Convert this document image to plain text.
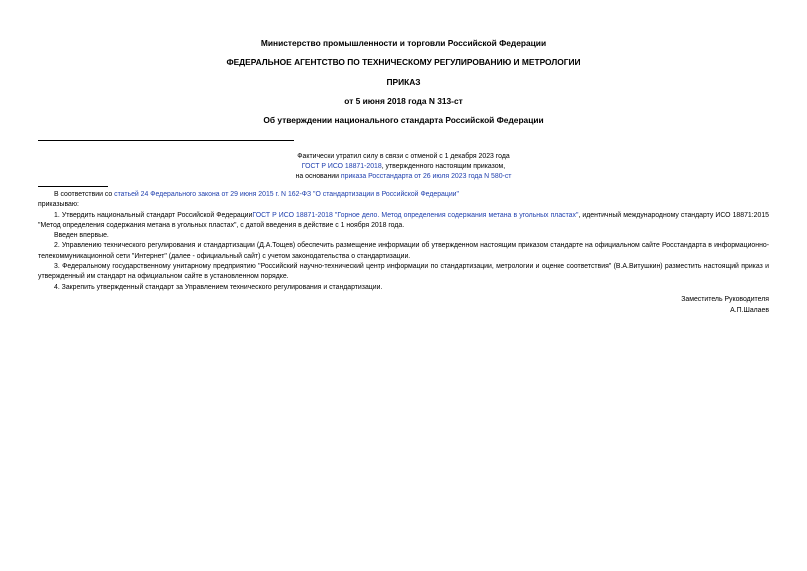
Министерство промышленности и торговли Российской Федерации
ФЕДЕРАЛЬНОЕ АГЕНТСТВО ПО ТЕХНИЧЕСКОМУ РЕГУЛИРОВАНИЮ И МЕТРОЛОГИИ
ПРИКАЗ
от 5 июня 2018 года N 313-ст
Об утверждении национального стандарта Российской Федерации
Фактически утратил силу в связи с отменой с 1 декабря 2023 года
ГОСТ Р ИСО 18871-2018, утвержденного настоящим приказом,
на основании приказа Росстандарта от 26 июля 2023 года N 580-ст

В соответствии со статьей 24 Федерального закона от 29 июня 2015 г. N 162-ФЗ "О стандартизации в Российской Федерации"

приказываю:

1. Утвердить национальный стандарт Российской ФедерацииГОСТ Р ИСО 18871-2018 "Горное дело. Метод определения содержания метана в угольных пластах", идентичный международному стандарту ИСО 18871:2015 "Метод определения содержания метана в угольных пластах", с датой введения в действие с 1 ноября 2018 года.

Введен впервые.

2. Управлению технического регулирования и стандартизации (Д.А.Тощев) обеспечить размещение информации об утвержденном настоящим приказом стандарте на официальном сайте Росстандарта в информационно-телекоммуникационной сети "Интернет" (далее - официальный сайт) с учетом законодательства о стандартизации.

3. Федеральному государственному унитарному предприятию "Российский научно-технический центр информации по стандартизации, метрологии и оценке соответствия" (В.А.Витушкин) разместить настоящий приказ и утвержденный им стандарт на официальном сайте в установленном порядке.

4. Закрепить утвержденный стандарт за Управлением технического регулирования и стандартизации.

Заместитель Руководителя
А.П.Шалаев
